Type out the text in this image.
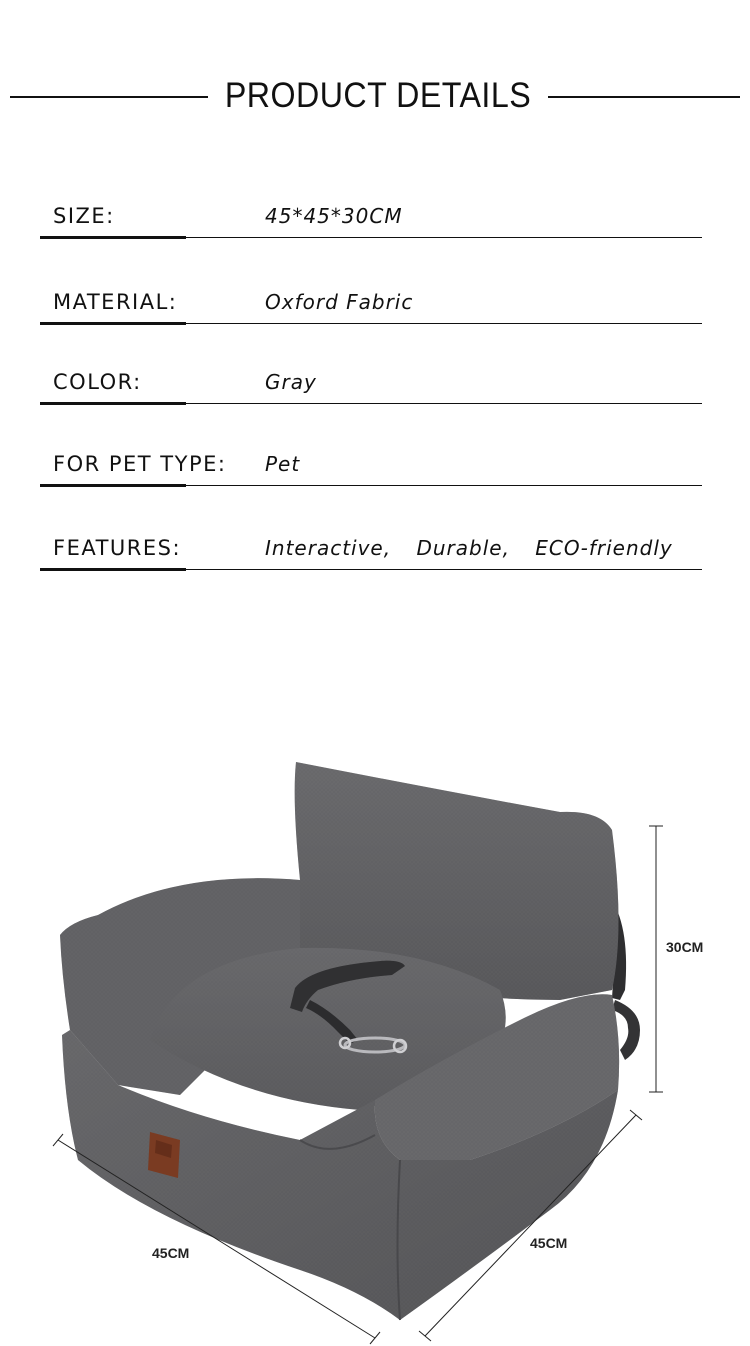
PRODUCT DETAILS
SIZE:	45*45*30CM
MATERIAL:	Oxford Fabric
COLOR:	Gray
FOR PET TYPE: Pet
FEATURES:	Interactive, Durable, ECO-friendly
30CM
45CM
45CM
